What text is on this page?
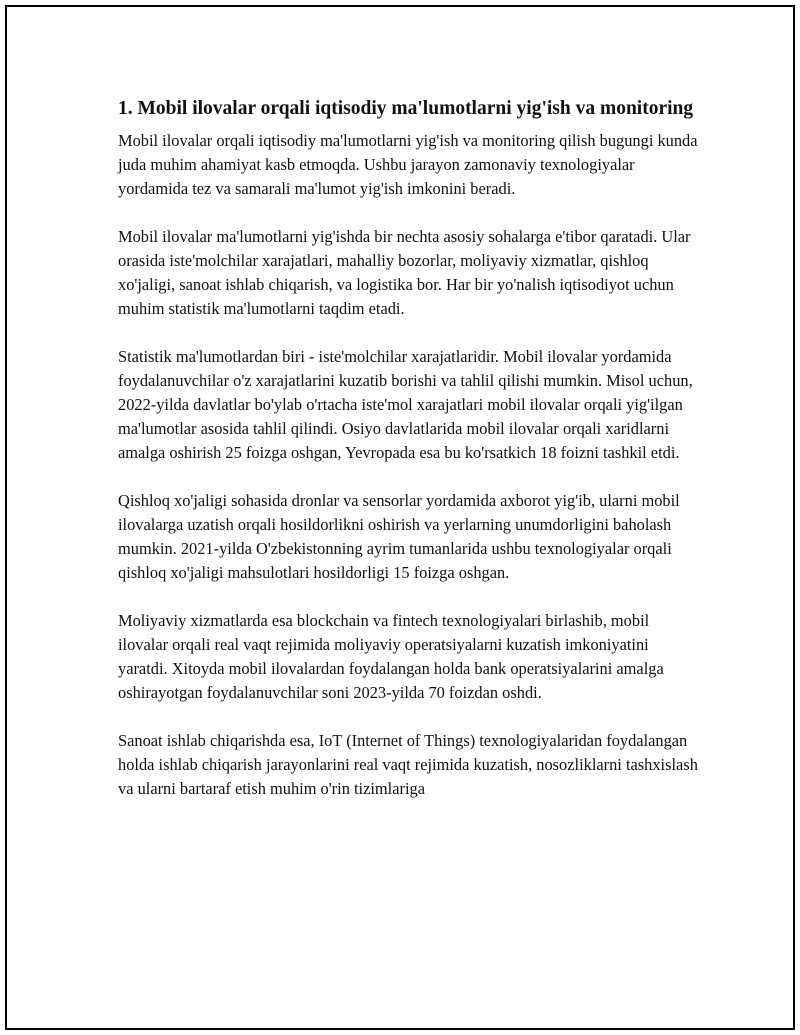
1. Mobil ilovalar orqali iqtisodiy ma'lumotlarni yig'ish va monitoring

Mobil ilovalar orqali iqtisodiy ma'lumotlarni yig'ish va monitoring qilish bugungi kunda juda muhim ahamiyat kasb etmoqda. Ushbu jarayon zamonaviy texnologiyalar yordamida tez va samarali ma'lumot yig'ish imkonini beradi.

Mobil ilovalar ma'lumotlarni yig'ishda bir nechta asosiy sohalarga e'tibor qaratadi. Ular orasida iste'molchilar xarajatlari, mahalliy bozorlar, moliyaviy xizmatlar, qishloq xo'jaligi, sanoat ishlab chiqarish, va logistika bor. Har bir yo'nalish iqtisodiyot uchun muhim statistik ma'lumotlarni taqdim etadi.

Statistik ma'lumotlardan biri - iste'molchilar xarajatlaridir. Mobil ilovalar yordamida foydalanuvchilar o'z xarajatlarini kuzatib borishi va tahlil qilishi mumkin. Misol uchun, 2022-yilda davlatlar bo'ylab o'rtacha iste'mol xarajatlari mobil ilovalar orqali yig'ilgan ma'lumotlar asosida tahlil qilindi. Osiyo davlatlarida mobil ilovalar orqali xaridlarni amalga oshirish 25 foizga oshgan, Yevropada esa bu ko'rsatkich 18 foizni tashkil etdi.

Qishloq xo'jaligi sohasida dronlar va sensorlar yordamida axborot yig'ib, ularni mobil ilovalarga uzatish orqali hosildorlikni oshirish va yerlarning unumdorligini baholash mumkin. 2021-yilda O'zbekistonning ayrim tumanlarida ushbu texnologiyalar orqali qishloq xo'jaligi mahsulotlari hosildorligi 15 foizga oshgan.

Moliyaviy xizmatlarda esa blockchain va fintech texnologiyalari birlashib, mobil ilovalar orqali real vaqt rejimida moliyaviy operatsiyalarni kuzatish imkoniyatini yaratdi. Xitoyda mobil ilovalardan foydalangan holda bank operatsiyalarini amalga oshirayotgan foydalanuvchilar soni 2023-yilda 70 foizdan oshdi.

Sanoat ishlab chiqarishda esa, IoT (Internet of Things) texnologiyalaridan foydalangan holda ishlab chiqarish jarayonlarini real vaqt rejimida kuzatish, nosozliklarni tashxislash va ularni bartaraf etish muhim o'rin tizimlariga
